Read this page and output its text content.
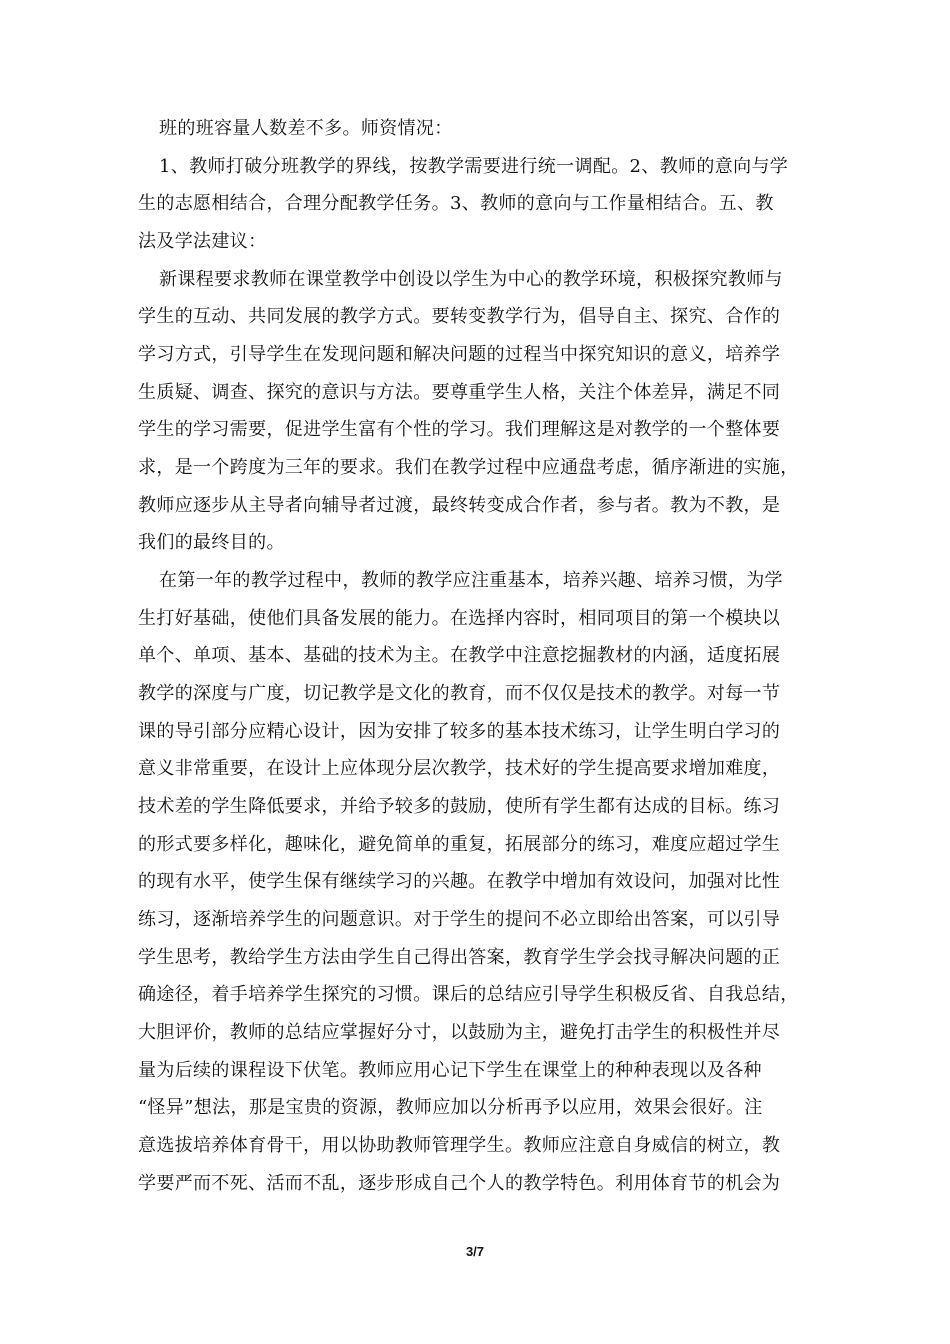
班的班容量人数差不多。师资情况：
1、教师打破分班教学的界线，按教学需要进行统一调配。2、教师的意向与学
生的志愿相结合，合理分配教学任务。3、教师的意向与工作量相结合。五、教
法及学法建议：
新课程要求教师在课堂教学中创设以学生为中心的教学环境，积极探究教师与
学生的互动、共同发展的教学方式。要转变教学行为，倡导自主、探究、合作的
学习方式，引导学生在发现问题和解决问题的过程当中探究知识的意义，培养学
生质疑、调查、探究的意识与方法。要尊重学生人格，关注个体差异，满足不同
学生的学习需要，促进学生富有个性的学习。我们理解这是对教学的一个整体要
求，是一个跨度为三年的要求。我们在教学过程中应通盘考虑，循序渐进的实施，
教师应逐步从主导者向辅导者过渡，最终转变成合作者，参与者。教为不教，是
我们的最终目的。
在第一年的教学过程中，教师的教学应注重基本，培养兴趣、培养习惯，为学
生打好基础，使他们具备发展的能力。在选择内容时，相同项目的第一个模块以
单个、单项、基本、基础的技术为主。在教学中注意挖掘教材的内涵，适度拓展
教学的深度与广度，切记教学是文化的教育，而不仅仅是技术的教学。对每一节
课的导引部分应精心设计，因为安排了较多的基本技术练习，让学生明白学习的
意义非常重要，在设计上应体现分层次教学，技术好的学生提高要求增加难度，
技术差的学生降低要求，并给予较多的鼓励，使所有学生都有达成的目标。练习
的形式要多样化，趣味化，避免简单的重复，拓展部分的练习，难度应超过学生
的现有水平，使学生保有继续学习的兴趣。在教学中增加有效设问，加强对比性
练习，逐渐培养学生的问题意识。对于学生的提问不必立即给出答案，可以引导
学生思考，教给学生方法由学生自己得出答案，教育学生学会找寻解决问题的正
确途径，着手培养学生探究的习惯。课后的总结应引导学生积极反省、自我总结，
大胆评价，教师的总结应掌握好分寸，以鼓励为主，避免打击学生的积极性并尽
量为后续的课程设下伏笔。教师应用心记下学生在课堂上的种种表现以及各种
“怪异”想法，那是宝贵的资源，教师应加以分析再予以应用，效果会很好。注
意选拔培养体育骨干，用以协助教师管理学生。教师应注意自身威信的树立，教
学要严而不死、活而不乱，逐步形成自己个人的教学特色。利用体育节的机会为
3/7
